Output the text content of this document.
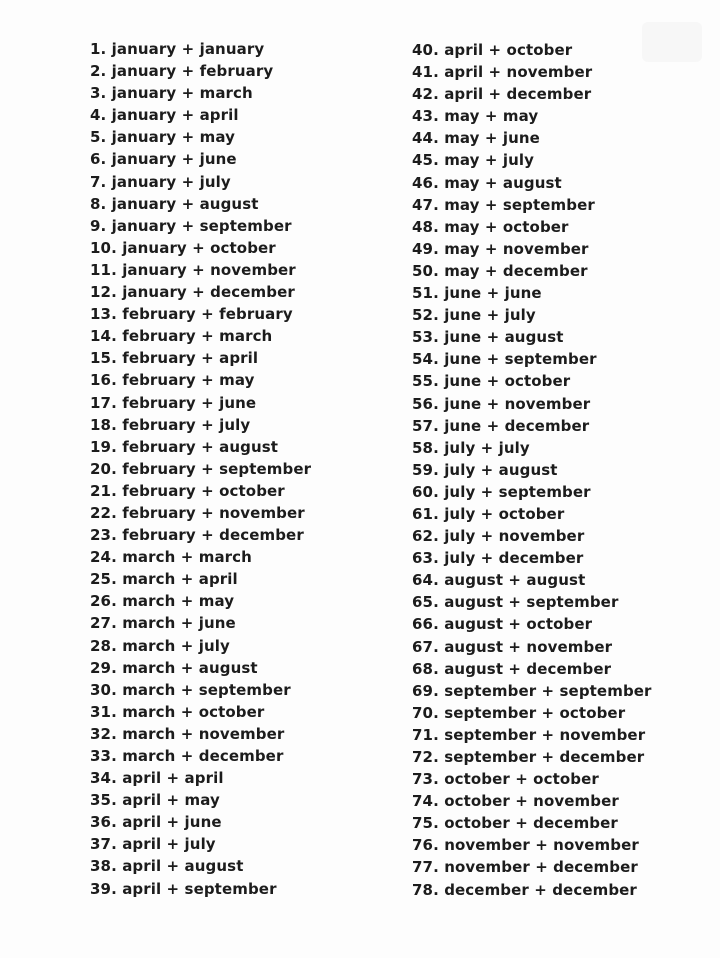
1. january + january
2. january + february
3. january + march
4. january + april
5. january + may
6. january + june
7. january + july
8. january + august
9. january + september
10. january + october
11. january + november
12. january + december
13. february + february
14. february + march
15. february + april
16. february + may
17. february + june
18. february + july
19. february + august
20. february + september
21. february + october
22. february + november
23. february + december
24. march + march
25. march + april
26. march + may
27. march + june
28. march + july
29. march + august
30. march + september
31. march + october
32. march + november
33. march + december
34. april + april
35. april + may
36. april + june
37. april + july
38. april + august
39. april + september
40. april + october
41. april + november
42. april + december
43. may + may
44. may + june
45. may + july
46. may + august
47. may + september
48. may + october
49. may + november
50. may + december
51. june + june
52. june + july
53. june + august
54. june + september
55. june + october
56. june + november
57. june + december
58. july + july
59. july + august
60. july + september
61. july + october
62. july + november
63. july + december
64. august + august
65. august + september
66. august + october
67. august + november
68. august + december
69. september + september
70. september + october
71. september + november
72. september + december
73. october + october
74. october + november
75. october + december
76. november + november
77. november + december
78. december + december
